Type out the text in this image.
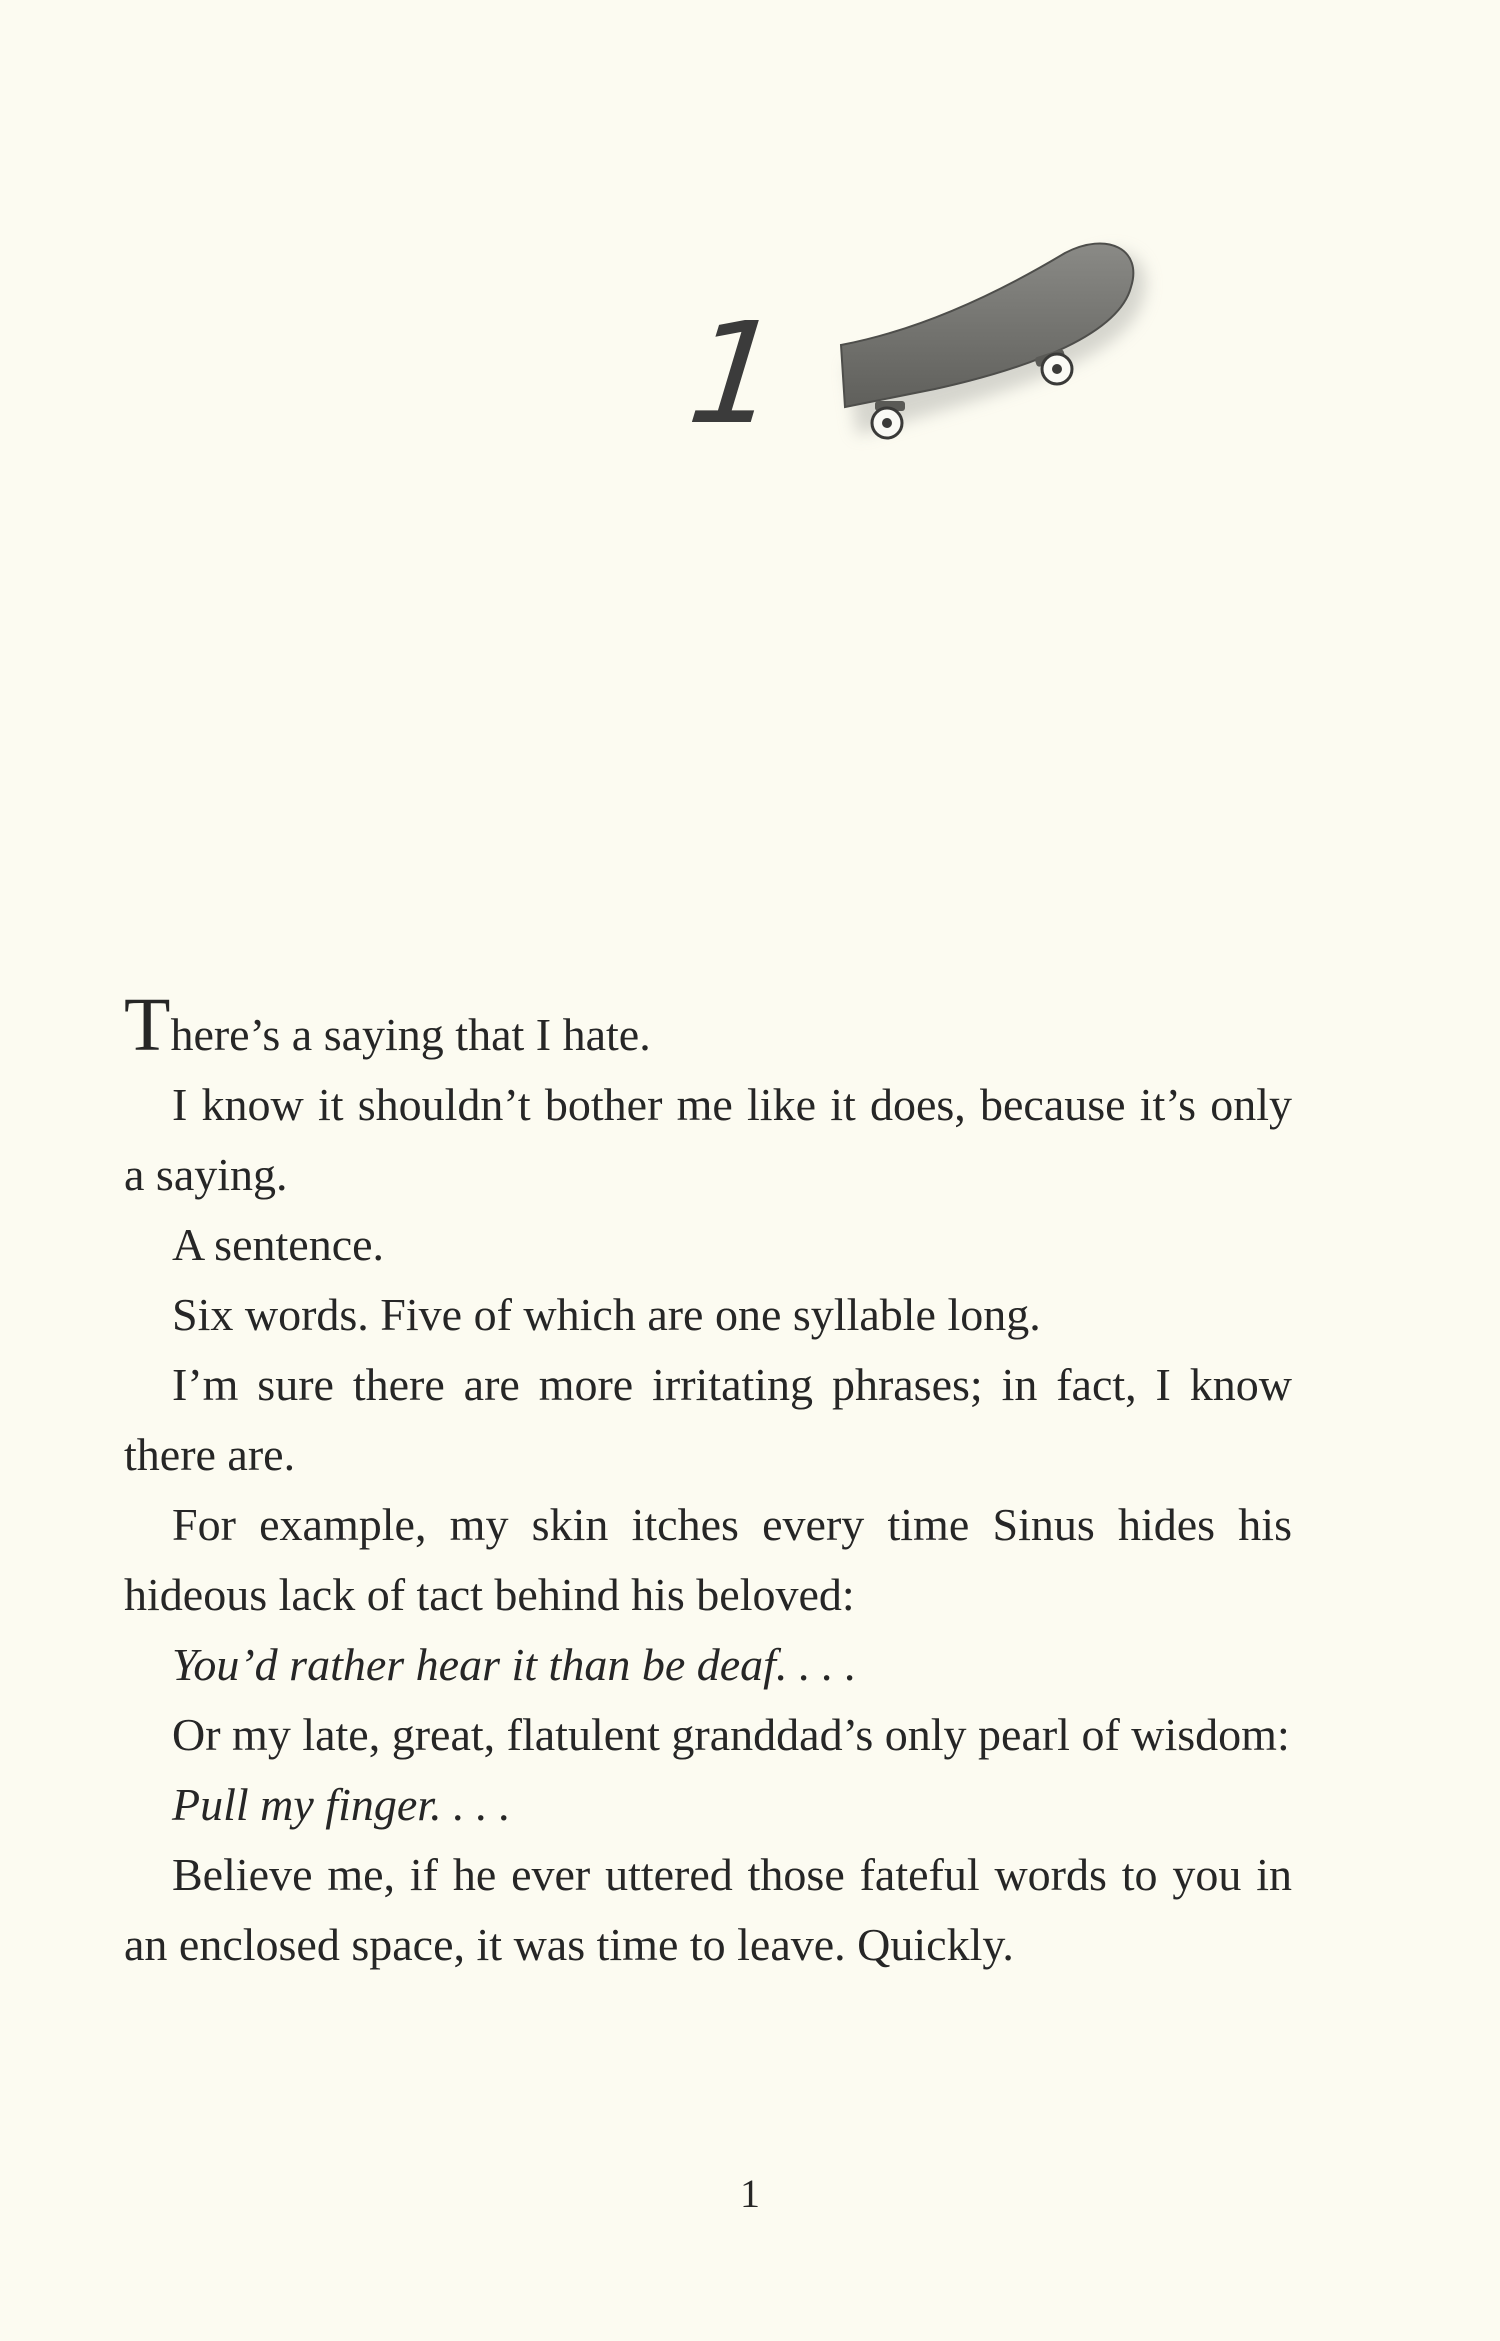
1

There’s a saying that I hate.

I know it shouldn’t bother me like it does, because it’s only a saying.

A sentence.

Six words. Five of which are one syllable long.

I’m sure there are more irritating phrases; in fact, I know there are.

For example, my skin itches every time Sinus hides his hideous lack of tact behind his beloved:

You’d rather hear it than be deaf. . . .

Or my late, great, flatulent granddad’s only pearl of wisdom:

Pull my finger. . . .

Believe me, if he ever uttered those fateful words to you in an enclosed space, it was time to leave. Quickly.

1
